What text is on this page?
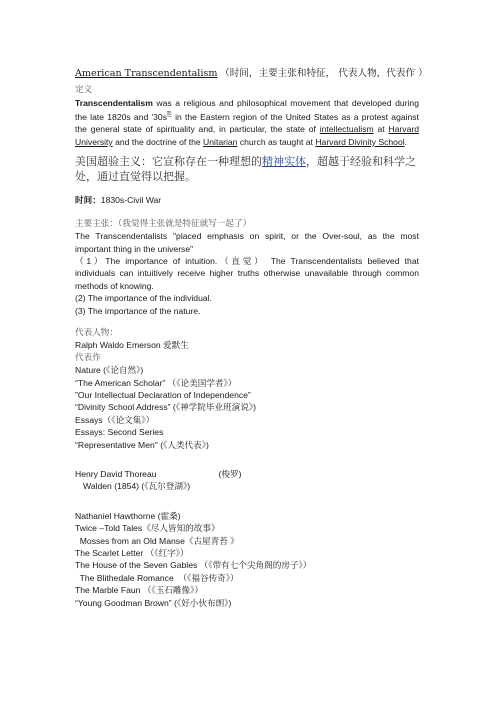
American Transcendentalism （时间，主要主张和特征， 代表人物，代表作 ）
定义
Transcendentalism was a religious and philosophical movement that developed during the late 1820s and '30s⎘ in the Eastern region of the United States as a protest against the general state of spirituality and, in particular, the state of intellectualism at Harvard University and the doctrine of the Unitarian church as taught at Harvard Divinity School.
美国超验主义：它宣称存在一种理想的精神实体，超越于经验和科学之处，通过直觉得以把握。
时间：1830s-Civil War
主要主张：（我觉得主张就是特征就写一起了）
The Transcendentalists "placed emphasis on spirit, or the Over-soul, as the most important thing in the universe"
（1）The importance of intuition.（直觉） The Transcendentalists believed that individuals can intuitively receive higher truths otherwise unavailable through common methods of knowing.
(2) The importance of the individual.
(3) The importance of the nature.
代表人物：
Ralph Waldo Emerson 爱默生
代表作
Nature (《论自然》)
“The American Scholar” （《论美国学者》）
”Our Intellectual Declaration of Independence”
“Divinity School Address” (《神学院毕业班演说》)
Essays（《论文集》）
Essays: Second Series
“Representative Men" (《人类代表》)
Henry David Thoreau	(梭罗)
Walden (1854) (《瓦尔登湖》)
Nathaniel Hawthorne (霍桑)
Twice –Told Tales《尽人皆知的故事》
Mosses from an Old Manse《古屋青苔 》
The Scarlet Letter （《红字》）
The House of the Seven Gables （《带有七个尖角阁的房子》）
The Blithedale Romance  （《福谷传奇》）
The Marble Faun （《玉石雕像》）
“Young Goodman Brown” (《好小伙布朗》)
